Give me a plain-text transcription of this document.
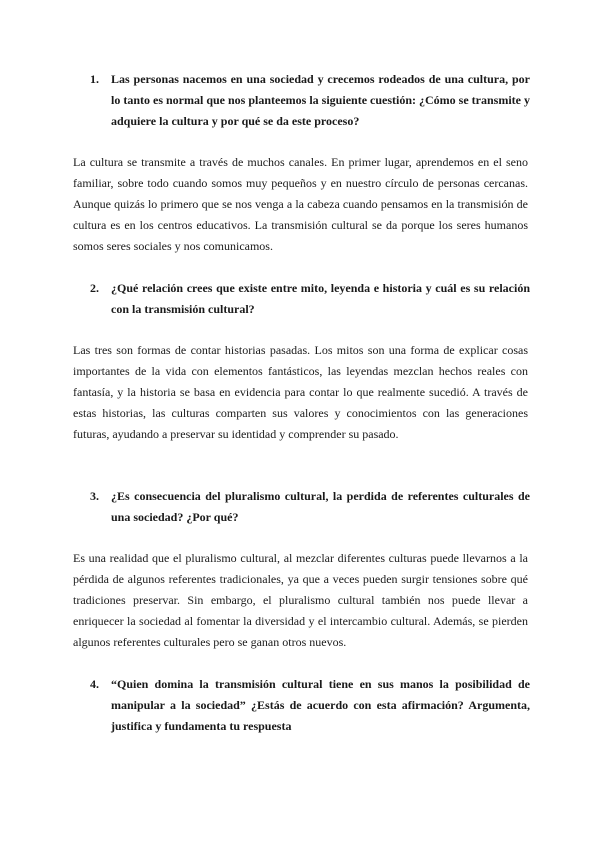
1.	Las personas nacemos en una sociedad y crecemos rodeados de una cultura, por lo tanto es normal que nos planteemos la siguiente cuestión: ¿Cómo se transmite y adquiere la cultura y por qué se da este proceso?
La cultura se transmite a través de muchos canales. En primer lugar, aprendemos en el seno familiar, sobre todo cuando somos muy pequeños y en nuestro círculo de personas cercanas. Aunque quizás lo primero que se nos venga a la cabeza cuando pensamos en la transmisión de cultura es en los centros educativos. La transmisión cultural se da porque los seres humanos somos seres sociales y nos comunicamos.
2.	¿Qué relación crees que existe entre mito, leyenda e historia y cuál es su relación con la transmisión cultural?
Las tres son formas de contar historias pasadas. Los mitos son una forma de explicar cosas importantes de la vida con elementos fantásticos, las leyendas mezclan hechos reales con fantasía, y la historia se basa en evidencia para contar lo que realmente sucedió. A través de estas historias, las culturas comparten sus valores y conocimientos con las generaciones futuras, ayudando a preservar su identidad y comprender su pasado.
3.	¿Es consecuencia del pluralismo cultural, la perdida de referentes culturales de una sociedad? ¿Por qué?
Es una realidad que el pluralismo cultural, al mezclar diferentes culturas puede llevarnos a la pérdida de algunos referentes tradicionales, ya que a veces pueden surgir tensiones sobre qué tradiciones preservar. Sin embargo, el pluralismo cultural también nos puede llevar a enriquecer la sociedad al fomentar la diversidad y el intercambio cultural. Además, se pierden algunos referentes culturales pero se ganan otros nuevos.
4.	“Quien domina la transmisión cultural tiene en sus manos la posibilidad de manipular a la sociedad” ¿Estás de acuerdo con esta afirmación? Argumenta, justifica y fundamenta tu respuesta
